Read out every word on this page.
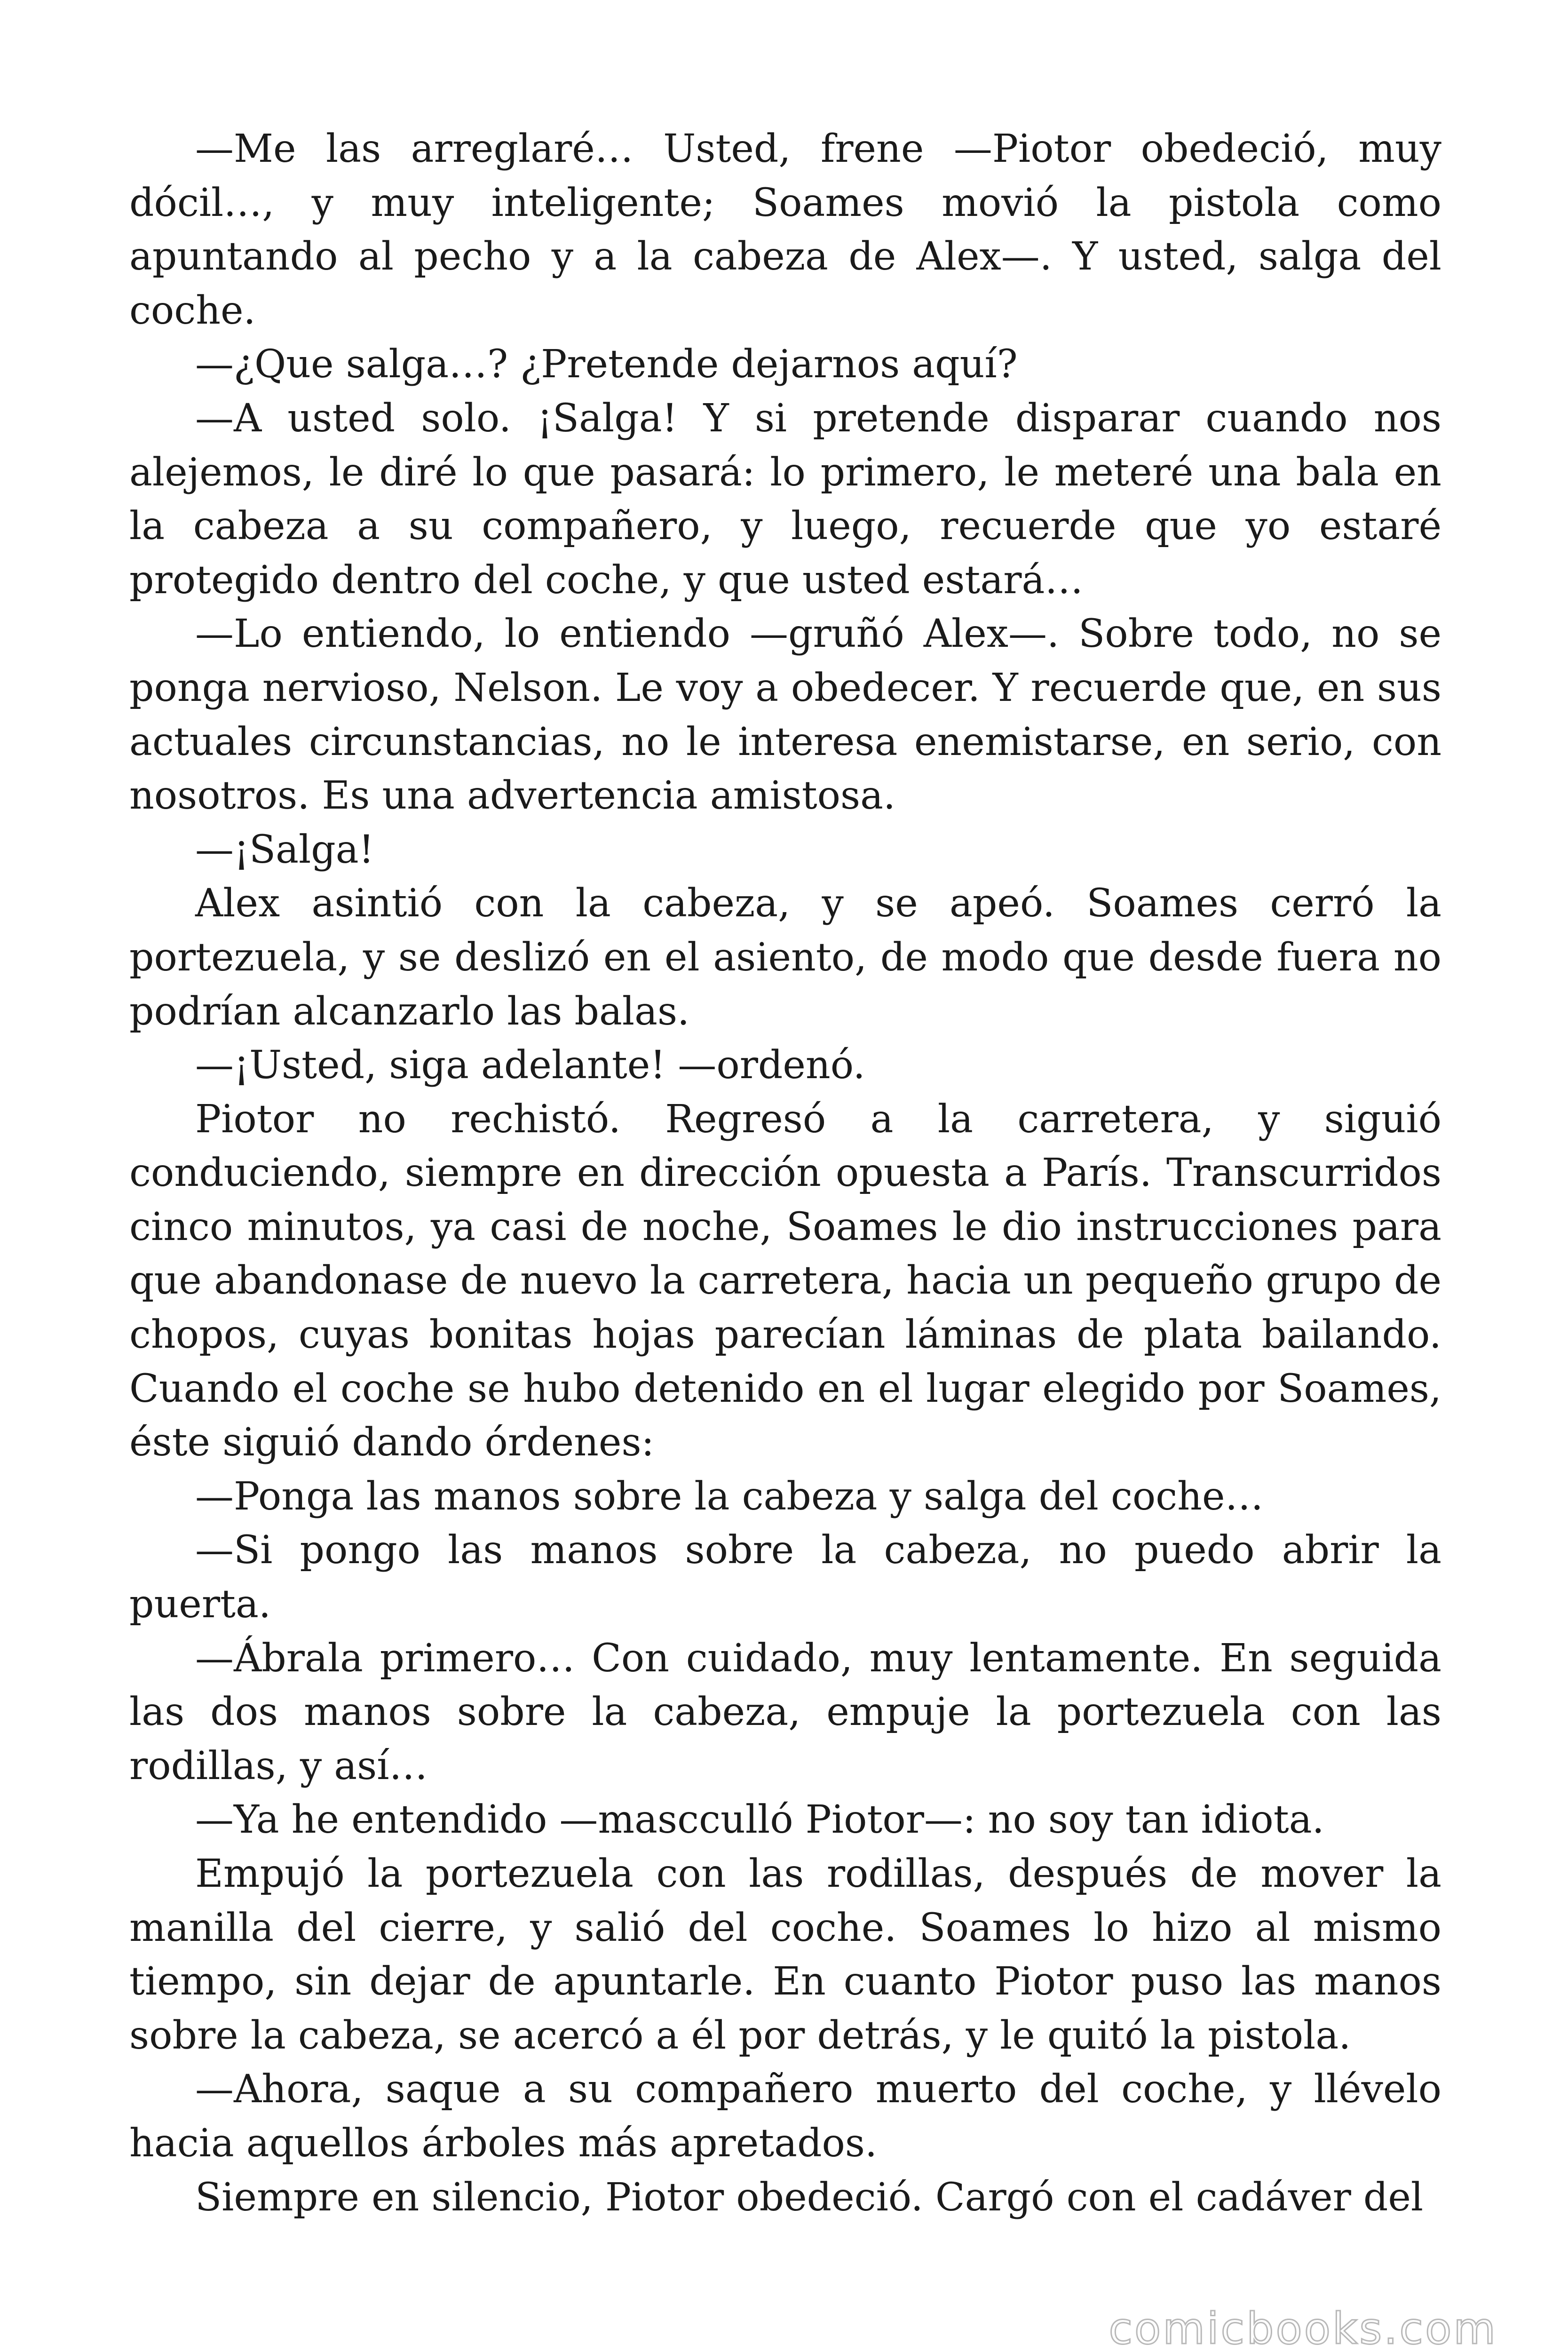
—Me las arreglaré… Usted, frene —Piotor obedeció, muy dócil…, y muy inteligente; Soames movió la pistola como apuntando al pecho y a la cabeza de Alex—. Y usted, salga del coche.

—¿Que salga…? ¿Pretende dejarnos aquí?

—A usted solo. ¡Salga! Y si pretende disparar cuando nos alejemos, le diré lo que pasará: lo primero, le meteré una bala en la cabeza a su compañero, y luego, recuerde que yo estaré protegido dentro del coche, y que usted estará…

—Lo entiendo, lo entiendo —gruñó Alex—. Sobre todo, no se ponga nervioso, Nelson. Le voy a obedecer. Y recuerde que, en sus actuales circunstancias, no le interesa enemistarse, en serio, con nosotros. Es una advertencia amistosa.

—¡Salga!

Alex asintió con la cabeza, y se apeó. Soames cerró la portezuela, y se deslizó en el asiento, de modo que desde fuera no podrían alcanzarlo las balas.

—¡Usted, siga adelante! —ordenó.

Piotor no rechistó. Regresó a la carretera, y siguió conduciendo, siempre en dirección opuesta a París. Transcurridos cinco minutos, ya casi de noche, Soames le dio instrucciones para que abandonase de nuevo la carretera, hacia un pequeño grupo de chopos, cuyas bonitas hojas parecían láminas de plata bailando. Cuando el coche se hubo detenido en el lugar elegido por Soames, éste siguió dando órdenes:

—Ponga las manos sobre la cabeza y salga del coche…

—Si pongo las manos sobre la cabeza, no puedo abrir la puerta.

—Ábrala primero… Con cuidado, muy lentamente. En seguida las dos manos sobre la cabeza, empuje la portezuela con las rodillas, y así…

—Ya he entendido —mascculló Piotor—: no soy tan idiota.

Empujó la portezuela con las rodillas, después de mover la manilla del cierre, y salió del coche. Soames lo hizo al mismo tiempo, sin dejar de apuntarle. En cuanto Piotor puso las manos sobre la cabeza, se acercó a él por detrás, y le quitó la pistola.

—Ahora, saque a su compañero muerto del coche, y llévelo hacia aquellos árboles más apretados.

Siempre en silencio, Piotor obedeció. Cargó con el cadáver del

comicbooks.com
